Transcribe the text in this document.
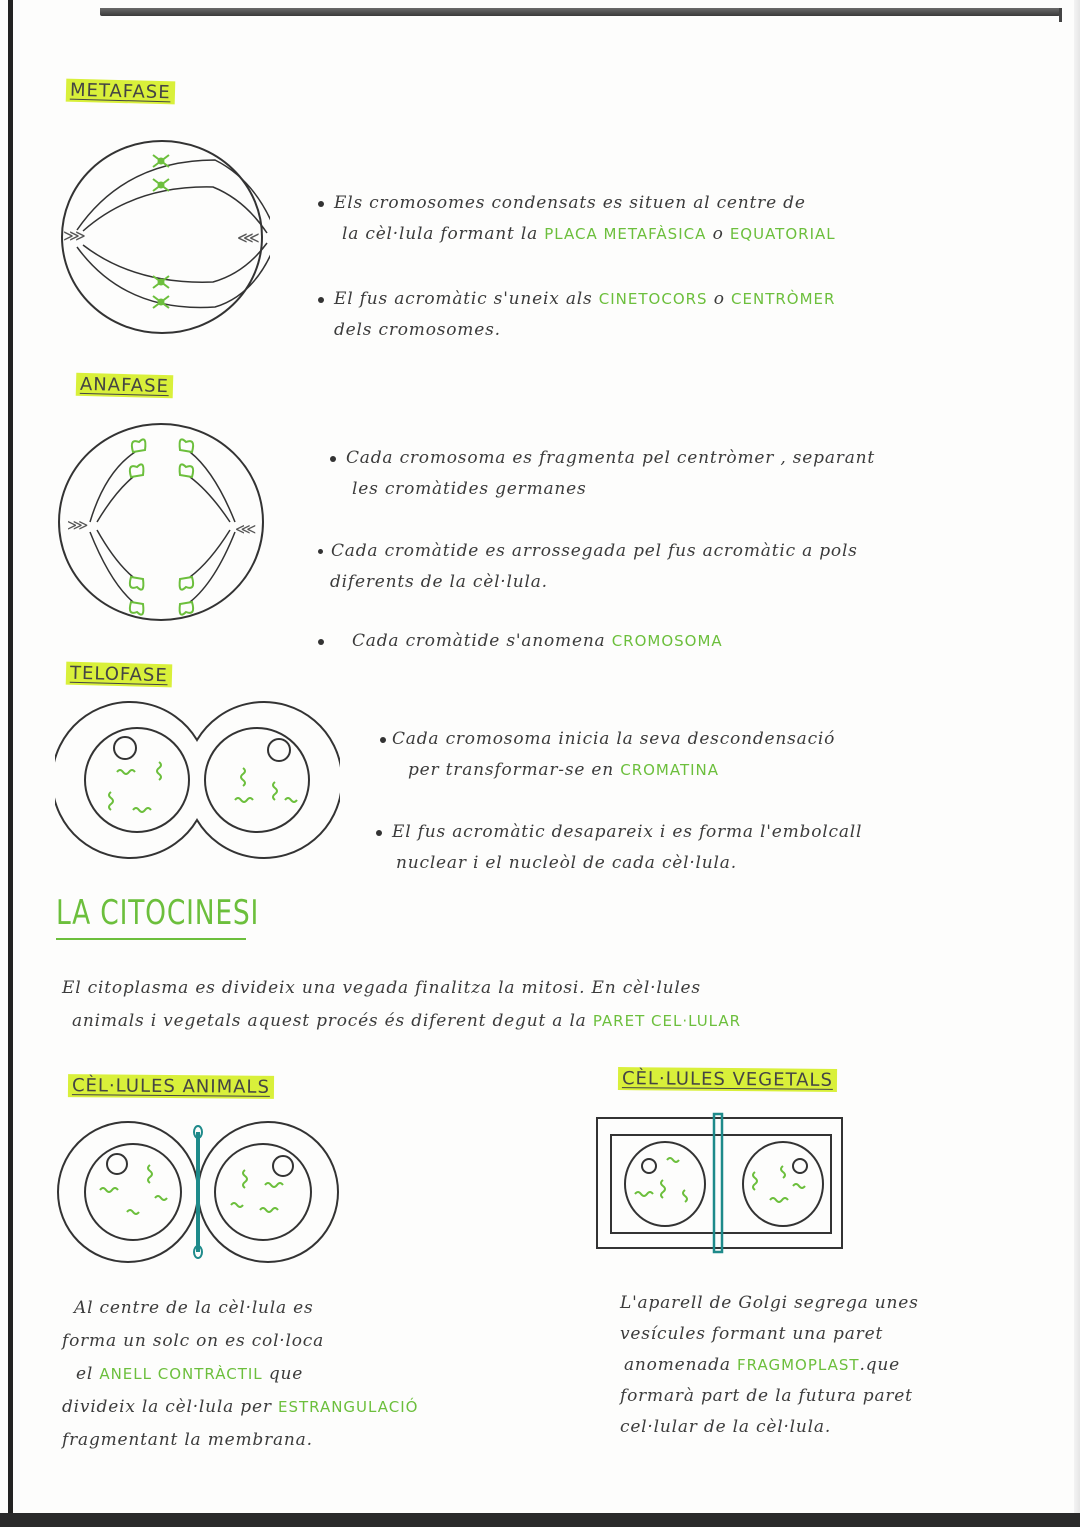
METAFASE
⋙	⋘
Els cromosomes condensats es situen al centre de
la cèl·lula formant la PLACA METAFÀSICA o EQUATORIAL
El fus acromàtic s'uneix als CINETOCORS o CENTRÒMER
dels cromosomes.
ANAFASE
⋙	⋘
Cada cromosoma es fragmenta pel centròmer , separant
les cromàtides germanes
Cada cromàtide es arrossegada pel fus acromàtic a pols
diferents de la cèl·lula.
Cada cromàtide s'anomena CROMOSOMA
TELOFASE
Cada cromosoma inicia la seva descondensació
per transformar-se en CROMATINA
El fus acromàtic desapareix i es forma l'embolcall
nuclear i el nucleòl de cada cèl·lula.
LA CITOCINESI
El citoplasma es divideix una vegada finalitza la mitosi. En cèl·lules
animals i vegetals aquest procés és diferent degut a la PARET CEL·LULAR
CÈL·LULES ANIMALS
Al centre de la cèl·lula es
forma un solc on es col·loca
el ANELL CONTRÀCTIL que
divideix la cèl·lula per ESTRANGULACIÓ
fragmentant la membrana.
CÈL·LULES VEGETALS
L'aparell de Golgi segrega unes
vesícules formant una paret
anomenada FRAGMOPLAST.que
formarà part de la futura paret
cel·lular de la cèl·lula.
